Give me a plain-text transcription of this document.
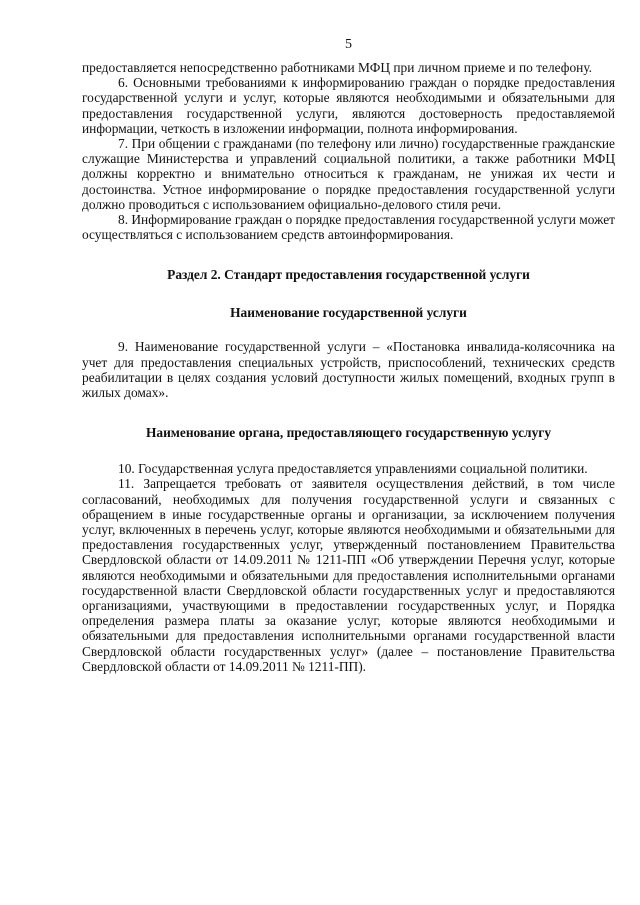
5

предоставляется непосредственно работниками МФЦ при личном приеме и по телефону.

6. Основными требованиями к информированию граждан о порядке предоставления государственной услуги и услуг, которые являются необходимыми и обязательными для предоставления государственной услуги, являются достоверность предоставляемой информации, четкость в изложении информации, полнота информирования.

7. При общении с гражданами (по телефону или лично) государственные гражданские служащие Министерства и управлений социальной политики, а также работники МФЦ должны корректно и внимательно относиться к гражданам, не унижая их чести и достоинства. Устное информирование о порядке предоставления государственной услуги должно проводиться с использованием официально-делового стиля речи.

8. Информирование граждан о порядке предоставления государственной услуги может осуществляться с использованием средств автоинформирования.

Раздел 2. Стандарт предоставления государственной услуги

Наименование государственной услуги

9. Наименование государственной услуги – «Постановка инвалида-колясочника на учет для предоставления специальных устройств, приспособлений, технических средств реабилитации в целях создания условий доступности жилых помещений, входных групп в жилых домах».

Наименование органа, предоставляющего государственную услугу

10. Государственная услуга предоставляется управлениями социальной политики.

11. Запрещается требовать от заявителя осуществления действий, в том числе согласований, необходимых для получения государственной услуги и связанных с обращением в иные государственные органы и организации, за исключением получения услуг, включенных в перечень услуг, которые являются необходимыми и обязательными для предоставления государственных услуг, утвержденный постановлением Правительства Свердловской области от 14.09.2011 № 1211-ПП «Об утверждении Перечня услуг, которые являются необходимыми и обязательными для предоставления исполнительными органами государственной власти Свердловской области государственных услуг и предоставляются организациями, участвующими в предоставлении государственных услуг, и Порядка определения размера платы за оказание услуг, которые являются необходимыми и обязательными для предоставления исполнительными органами государственной власти Свердловской области государственных услуг» (далее – постановление Правительства Свердловской области от 14.09.2011 № 1211-ПП).
